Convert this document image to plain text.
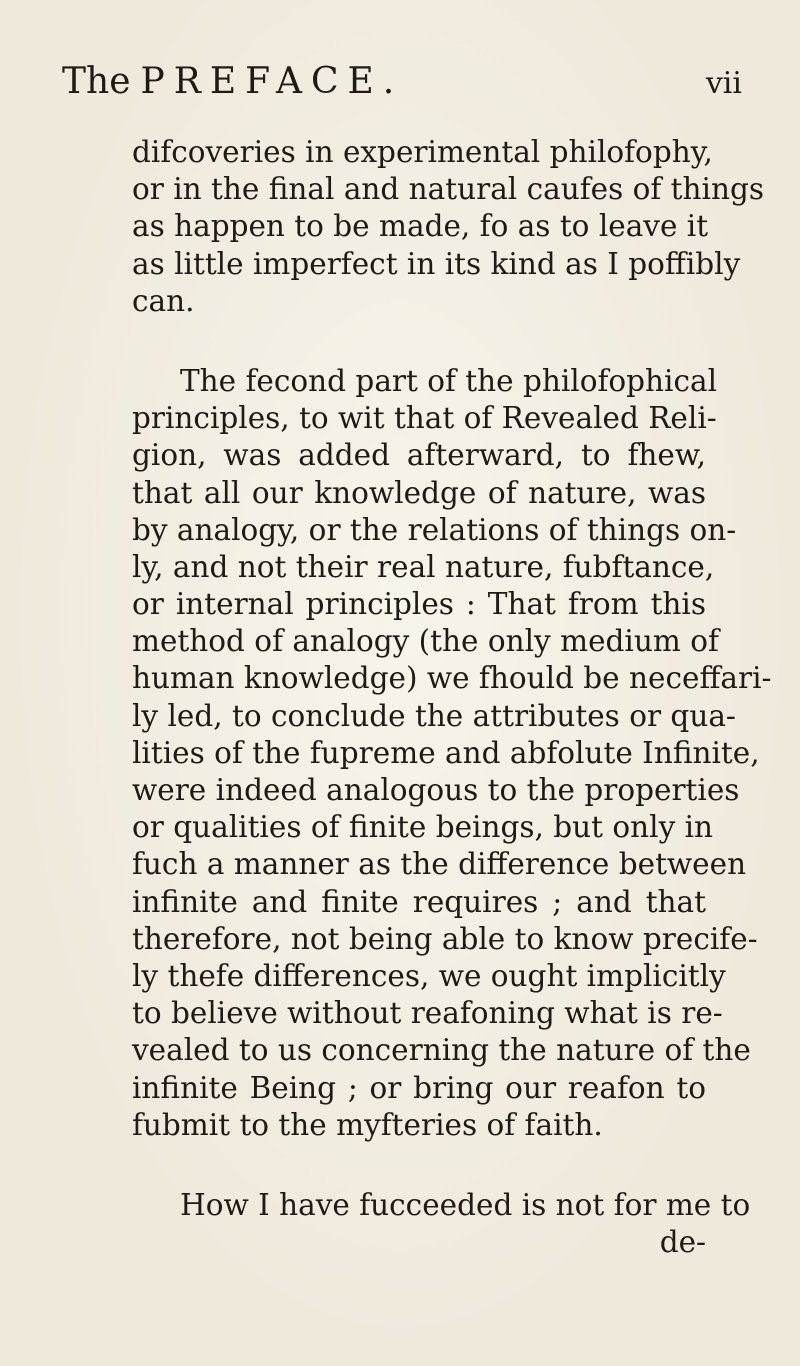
The PREFACE.	vii
difcoveries in experimental philofophy,
or in the final and natural caufes of things
as happen to be made, fo as to leave it
as little imperfect in its kind as I poffibly
can.
The fecond part of the philofophical
principles, to wit that of Revealed Reli-
gion, was added afterward, to fhew,
that all our knowledge of nature, was
by analogy, or the relations of things on-
ly, and not their real nature, fubftance,
or internal principles : That from this
method of analogy (the only medium of
human knowledge) we fhould be neceffari-
ly led, to conclude the attributes or qua-
lities of the fupreme and abfolute Infinite,
were indeed analogous to the properties
or qualities of finite beings, but only in
fuch a manner as the difference between
infinite and finite requires ; and that
therefore, not being able to know precife-
ly thefe differences, we ought implicitly
to believe without reafoning what is re-
vealed to us concerning the nature of the
infinite Being ; or bring our reafon to
fubmit to the myfteries of faith.
How I have fucceeded is not for me to
de-
